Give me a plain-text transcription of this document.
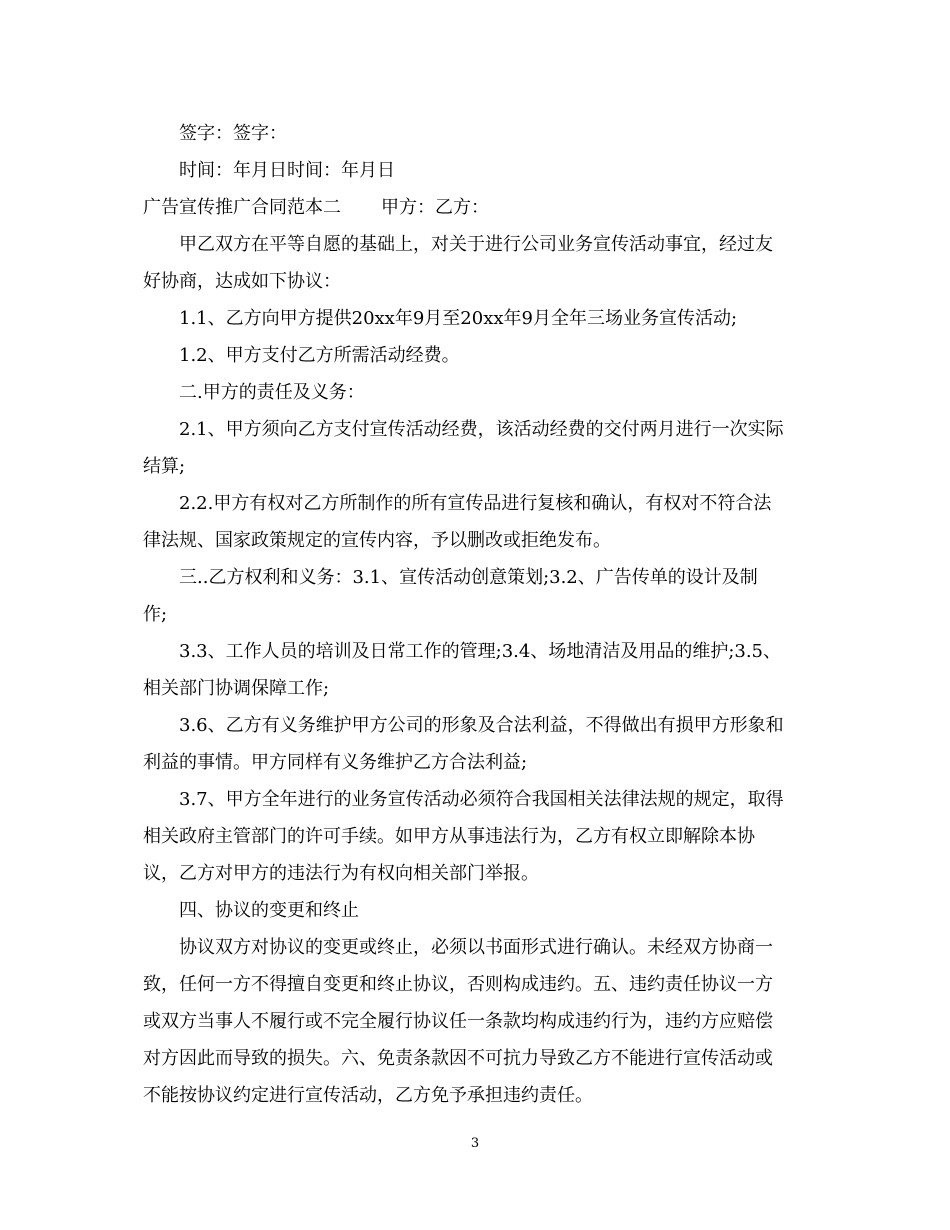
签字：签字：
时间：年月日时间：年月日
广告宣传推广合同范本二 甲方：乙方：
甲乙双方在平等自愿的基础上，对关于进行公司业务宣传活动事宜，经过友
好协商，达成如下协议：
1.1、乙方向甲方提供20xx年9月至20xx年9月全年三场业务宣传活动;
1.2、甲方支付乙方所需活动经费。
二.甲方的责任及义务：
2.1、甲方须向乙方支付宣传活动经费，该活动经费的交付两月进行一次实际
结算;
2.2.甲方有权对乙方所制作的所有宣传品进行复核和确认，有权对不符合法
律法规、国家政策规定的宣传内容，予以删改或拒绝发布。
三..乙方权利和义务：3.1、宣传活动创意策划;3.2、广告传单的设计及制
作;
3.3、工作人员的培训及日常工作的管理;3.4、场地清洁及用品的维护;3.5、
相关部门协调保障工作;
3.6、乙方有义务维护甲方公司的形象及合法利益，不得做出有损甲方形象和
利益的事情。甲方同样有义务维护乙方合法利益;
3.7、甲方全年进行的业务宣传活动必须符合我国相关法律法规的规定，取得
相关政府主管部门的许可手续。如甲方从事违法行为，乙方有权立即解除本协
议，乙方对甲方的违法行为有权向相关部门举报。
四、协议的变更和终止
协议双方对协议的变更或终止，必须以书面形式进行确认。未经双方协商一
致，任何一方不得擅自变更和终止协议，否则构成违约。五、违约责任协议一方
或双方当事人不履行或不完全履行协议任一条款均构成违约行为，违约方应赔偿
对方因此而导致的损失。六、免责条款因不可抗力导致乙方不能进行宣传活动或
不能按协议约定进行宣传活动，乙方免予承担违约责任。
3
